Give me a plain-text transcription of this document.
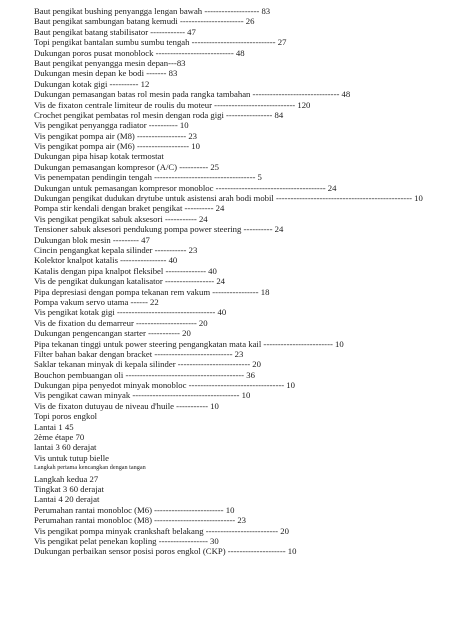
Baut pengikat bushing penyangga lengan bawah ------------------- 83
Baut pengikat sambungan batang kemudi ---------------------- 26
Baut pengikat batang stabilisator ------------ 47
Topi pengikat bantalan sumbu sumbu tengah ----------------------------- 27
Dukungan poros pusat monoblock --------------------------- 48
Baut pengikat penyangga mesin depan---83
Dukungan mesin depan ke bodi ------- 83
Dukungan kotak gigi ---------- 12
Dukungan pemasangan batas rol mesin pada rangka tambahan ------------------------------ 48
Vis de fixaton centrale limiteur de roulis du moteur ---------------------------- 120
Crochet pengikat pembatas rol mesin dengan roda gigi ---------------- 84
Vis pengikat penyangga radiator ---------- 10
Vis pengikat pompa air (M8) ----------------- 23
Vis pengikat pompa air (M6) ------------------ 10
Dukungan pipa hisap kotak termostat
Dukungan pemasangan kompresor (A/C) ---------- 25
Vis penempatan pendingin tengah ----------------------------------- 5
Dukungan untuk pemasangan kompresor monobloc -------------------------------------- 24
Dukungan pengikat dudukan drytube untuk asistensi arah bodi mobil ----------------------------------------------- 10
Pompa stir kendali dengan braket pengikat ---------- 24
Vis pengikat pengikat sabuk aksesori ----------- 24
Tensioner sabuk aksesori pendukung pompa power steering ---------- 24
Dukungan blok mesin --------- 47
Cincin pengangkat kepala silinder ----------- 23
Kolektor knalpot katalis ---------------- 40
Katalis dengan pipa knalpot fleksibel -------------- 40
Vis de pengikat dukungan katalisator ----------------- 24
Pipa depresiasi dengan pompa tekanan rem vakum ---------------- 18
Pompa vakum servo utama ------ 22
Vis pengikat kotak gigi ---------------------------------- 40
Vis de fixation du demarreur --------------------- 20
Dukungan pengencangan starter ----------- 20
Pipa tekanan tinggi untuk power steering pengangkatan mata kail ------------------------ 10
Filter bahan bakar dengan bracket --------------------------- 23
Saklar tekanan minyak di kepala silinder ------------------------- 20
Bouchon pembuangan oli ----------------------------------------- 36
Dukungan pipa penyedot minyak monobloc --------------------------------- 10
Vis pengikat cawan minyak ------------------------------------- 10
Vis de fixaton dutuyau de niveau d'huile ----------- 10
Topi poros engkol
Lantai 1 45
2ème étape 70
lantai 3 60 derajat
Vis untuk tutup bielle
Langkah pertama kencangkan dengan tangan
Langkah kedua 27
Tingkat 3 60 derajat
Lantai 4 20 derajat
Perumahan rantai monobloc (M6) ------------------------ 10
Perumahan rantai monobloc (M8) ---------------------------- 23
Vis pengikat pompa minyak crankshaft belakang ------------------------- 20
Vis pengikat pelat penekan kopling ----------------- 30
Dukungan perbaikan sensor posisi poros engkol (CKP) -------------------- 10
